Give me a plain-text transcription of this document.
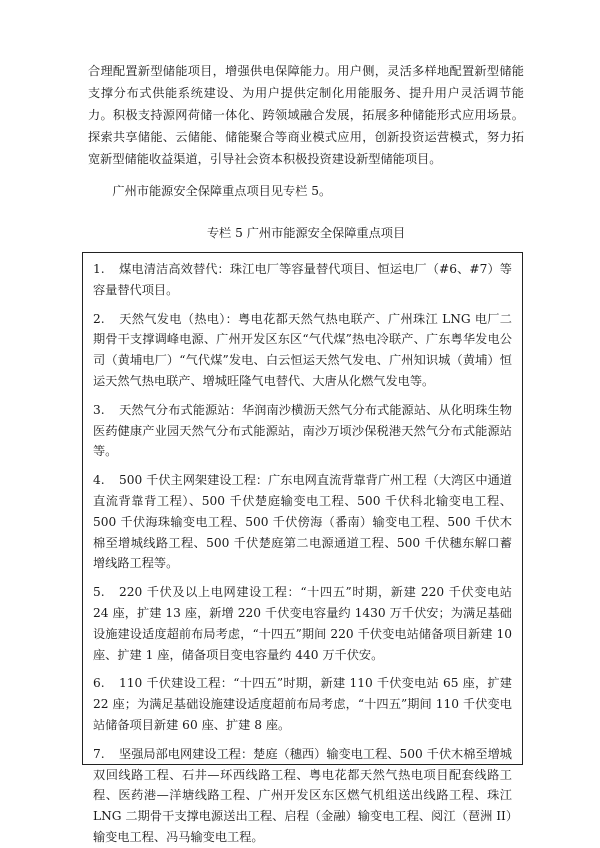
合理配置新型储能项目，增强供电保障能力。用户侧，灵活多样地配置新型储能支撑分布式供能系统建设、为用户提供定制化用能服务、提升用户灵活调节能力。积极支持源网荷储一体化、跨领域融合发展，拓展多种储能形式应用场景。探索共享储能、云储能、储能聚合等商业模式应用，创新投资运营模式，努力拓宽新型储能收益渠道，引导社会资本积极投资建设新型储能项目。

广州市能源安全保障重点项目见专栏 5。

专栏 5 广州市能源安全保障重点项目

1. 煤电清洁高效替代：珠江电厂等容量替代项目、恒运电厂（#6、#7）等容量替代项目。

2. 天然气发电（热电）：粤电花都天然气热电联产、广州珠江 LNG 电厂二期骨干支撑调峰电源、广州开发区东区“气代煤”热电冷联产、广东粤华发电公司（黄埔电厂）“气代煤”发电、白云恒运天然气发电、广州知识城（黄埔）恒运天然气热电联产、增城旺隆气电替代、大唐从化燃气发电等。

3. 天然气分布式能源站：华润南沙横沥天然气分布式能源站、从化明珠生物医药健康产业园天然气分布式能源站，南沙万顷沙保税港天然气分布式能源站等。

4. 500 千伏主网架建设工程：广东电网直流背靠背广州工程（大湾区中通道直流背靠背工程）、500 千伏楚庭输变电工程、500 千伏科北输变电工程、500 千伏海珠输变电工程、500 千伏傍海（番南）输变电工程、500 千伏木棉至增城线路工程、500 千伏楚庭第二电源通道工程、500 千伏穗东解口蓄增线路工程等。

5. 220 千伏及以上电网建设工程：“十四五”时期，新建 220 千伏变电站 24 座，扩建 13 座，新增 220 千伏变电容量约 1430 万千伏安；为满足基础设施建设适度超前布局考虑，“十四五”期间 220 千伏变电站储备项目新建 10 座、扩建 1 座，储备项目变电容量约 440 万千伏安。

6. 110 千伏建设工程：“十四五”时期，新建 110 千伏变电站 65 座，扩建 22 座；为满足基础设施建设适度超前布局考虑，“十四五”期间 110 千伏变电站储备项目新建 60 座、扩建 8 座。

7. 坚强局部电网建设工程：楚庭（穗西）输变电工程、500 千伏木棉至增城双回线路工程、石井—环西线路工程、粤电花都天然气热电项目配套线路工程、医药港—洋塘线路工程、广州开发区东区燃气机组送出线路工程、珠江 LNG 二期骨干支撑电源送出工程、启程（金融）输变电工程、阅江（琶洲 II）输变电工程、冯马输变电工程。
